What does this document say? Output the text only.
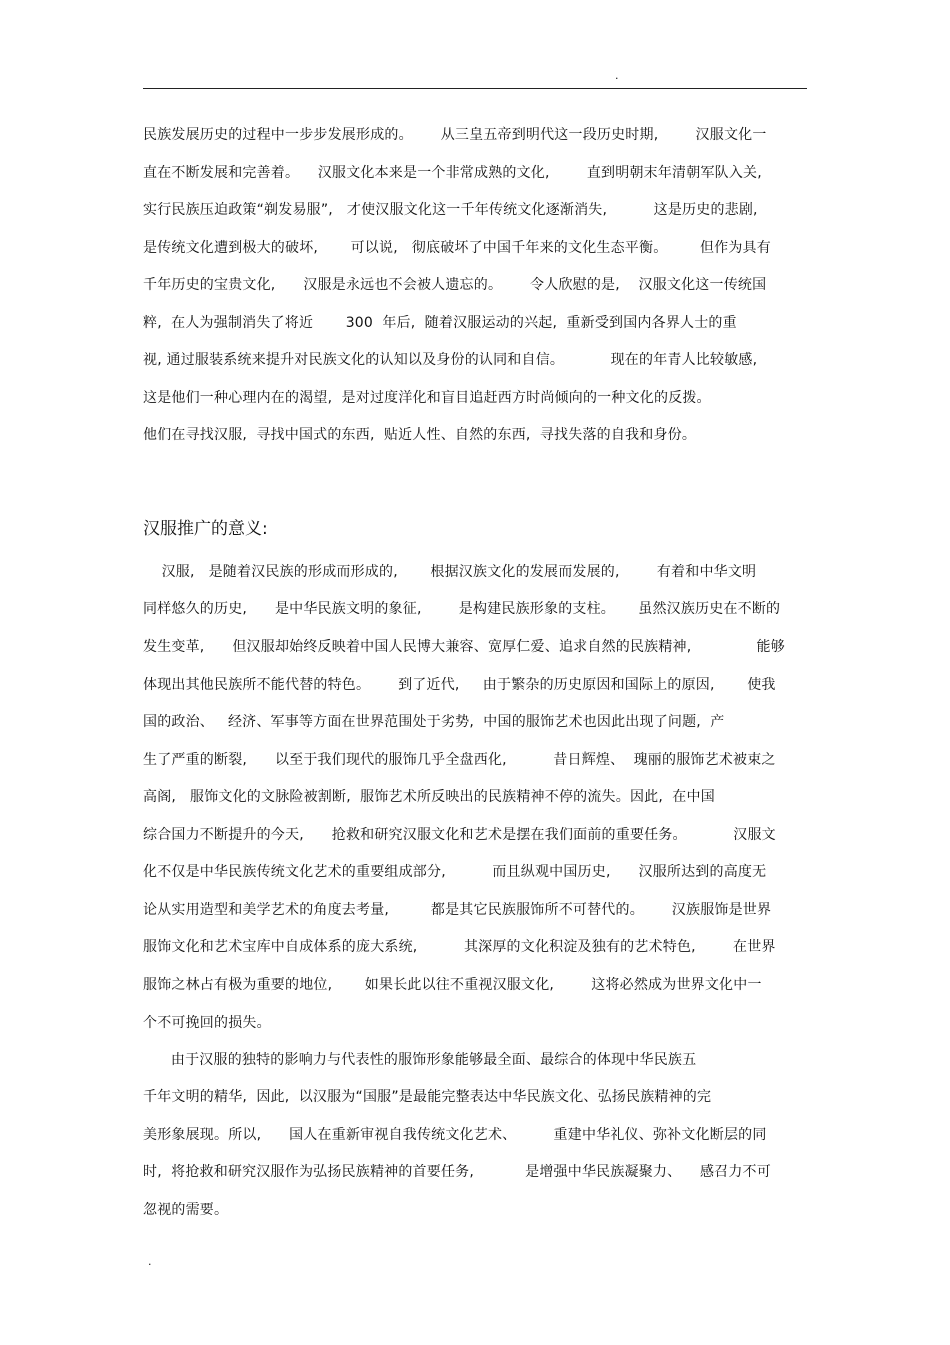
.
民族发展历史的过程中一步步发展形成的。      从三皇五帝到明代这一段历史时期,        汉服文化一
直在不断发展和完善着。    汉服文化本来是一个非常成熟的文化,        直到明朝末年清朝军队入关,
实行民族压迫政策“剃发易服”,   才使汉服文化这一千年传统文化逐渐消失,          这是历史的悲剧,
是传统文化遭到极大的破坏,       可以说,   彻底破坏了中国千年来的文化生态平衡。       但作为具有
千年历史的宝贵文化,      汉服是永远也不会被人遗忘的。      令人欣慰的是,    汉服文化这一传统国
粹,  在人为强制消失了将近       300  年后,  随着汉服运动的兴起,  重新受到国内各界人士的重
视, 通过服装系统来提升对民族文化的认知以及身份的认同和自信。          现在的年青人比较敏感,
这是他们一种心理内在的渴望,  是对过度洋化和盲目追赶西方时尚倾向的一种文化的反拨。
他们在寻找汉服,  寻找中国式的东西,  贴近人性、自然的东西,  寻找失落的自我和身份。
汉服推广的意义:
汉服,   是随着汉民族的形成而形成的,       根据汉族文化的发展而发展的,        有着和中华文明
同样悠久的历史,      是中华民族文明的象征,        是构建民族形象的支柱。     虽然汉族历史在不断的
发生变革,      但汉服却始终反映着中国人民博大兼容、宽厚仁爱、追求自然的民族精神,              能够
体现出其他民族所不能代替的特色。      到了近代,     由于繁杂的历史原因和国际上的原因,       使我
国的政治、   经济、军事等方面在世界范围处于劣势,  中国的服饰艺术也因此出现了问题,  产
生了严重的断裂,      以至于我们现代的服饰几乎全盘西化,          昔日辉煌、  瑰丽的服饰艺术被束之
高阁,   服饰文化的文脉险被割断,  服饰艺术所反映出的民族精神不停的流失。因此,  在中国
综合国力不断提升的今天,      抢救和研究汉服文化和艺术是摆在我们面前的重要任务。          汉服文
化不仅是中华民族传统文化艺术的重要组成部分,          而且纵观中国历史,      汉服所达到的高度无
论从实用造型和美学艺术的角度去考量,         都是其它民族服饰所不可替代的。      汉族服饰是世界
服饰文化和艺术宝库中自成体系的庞大系统,          其深厚的文化积淀及独有的艺术特色,        在世界
服饰之林占有极为重要的地位,       如果长此以往不重视汉服文化,        这将必然成为世界文化中一
个不可挽回的损失。
由于汉服的独特的影响力与代表性的服饰形象能够最全面、最综合的体现中华民族五
千年文明的精华,  因此,  以汉服为“国服”是最能完整表达中华民族文化、弘扬民族精神的完
美形象展现。所以,      国人在重新审视自我传统文化艺术、        重建中华礼仪、弥补文化断层的同
时,  将抢救和研究汉服作为弘扬民族精神的首要任务,           是增强中华民族凝聚力、    感召力不可
忽视的需要。
.
